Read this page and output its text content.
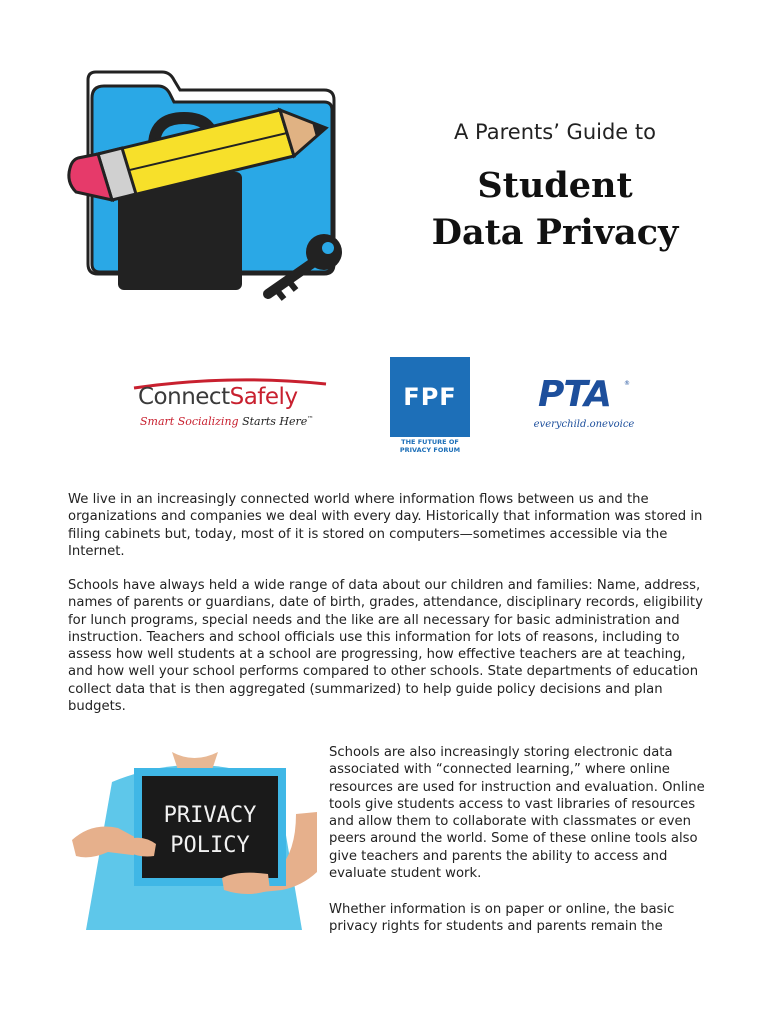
A Parents’ Guide to
Student
Data Privacy
ConnectSafely
Smart Socializing Starts Here™
FPF
THE FUTURE OF
PRIVACY FORUM
PTA ®
everychild.onevoice

We live in an increasingly connected world where information flows between us and the organizations and companies we deal with every day. Historically that information was stored in filing cabinets but, today, most of it is stored on computers—sometimes accessible via the Internet.

Schools have always held a wide range of data about our children and families: Name, address, names of parents or guardians, date of birth, grades, attendance, disciplinary records, eligibility for lunch programs, special needs and the like are all necessary for basic administration and instruction. Teachers and school officials use this information for lots of reasons, including to assess how well students at a school are progressing, how effective teachers are at teaching, and how well your school performs compared to other schools. State departments of education collect data that is then aggregated (summarized) to help guide policy decisions and plan budgets.

PRIVACY
POLICY

Schools are also increasingly storing electronic data associated with “connected learning,” where online resources are used for instruction and evaluation. Online tools give students access to vast libraries of resources and allow them to collaborate with classmates or even peers around the world. Some of these online tools also give teachers and parents the ability to access and evaluate student work.

Whether information is on paper or online, the basic privacy rights for students and parents remain the
